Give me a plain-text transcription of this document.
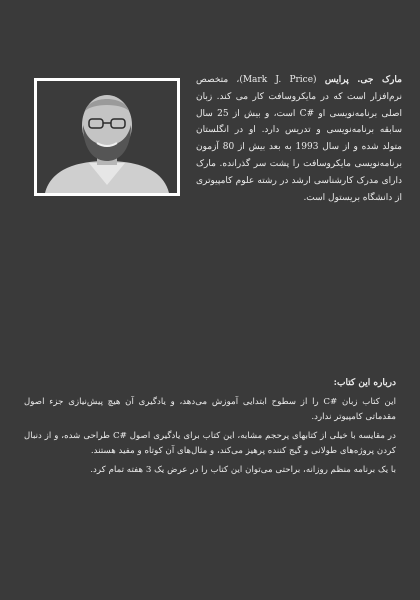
مارک جی. پرایس (Mark J. Price)، متخصص نرم‌افزار است که در مایکروسافت کار می کند. زبان اصلی برنامه‌نویسی او #C است، و بیش از 25 سال سابقه برنامه‌نویسی و تدریس دارد. او در انگلستان متولد شده و از سال 1993 به بعد بیش از 80 آزمون برنامه‌نویسی مایکروسافت را پشت سر گذرانده. مارک دارای مدرک کارشناسی ارشد در رشته علوم کامپیوتری از دانشگاه بریستول است.
درباره این کتاب:

این کتاب زبان #C را از سطوح ابتدایی آموزش می‌دهد، و یادگیری آن هیچ پیش‌نیازی جزء اصول مقدماتی کامپیوتر ندارد.

در مقایسه با خیلی از کتابهای پرحجم مشابه، این کتاب برای یادگیری اصول #C طراحی شده، و از دنبال کردن پروژه‌های طولانی و گیج کننده پرهیز می‌کند، و مثال‌های آن کوتاه و مفید هستند.

با یک برنامه منظم روزانه، براحتی می‌توان این کتاب را در عرض یک 3 هفته تمام کرد.
